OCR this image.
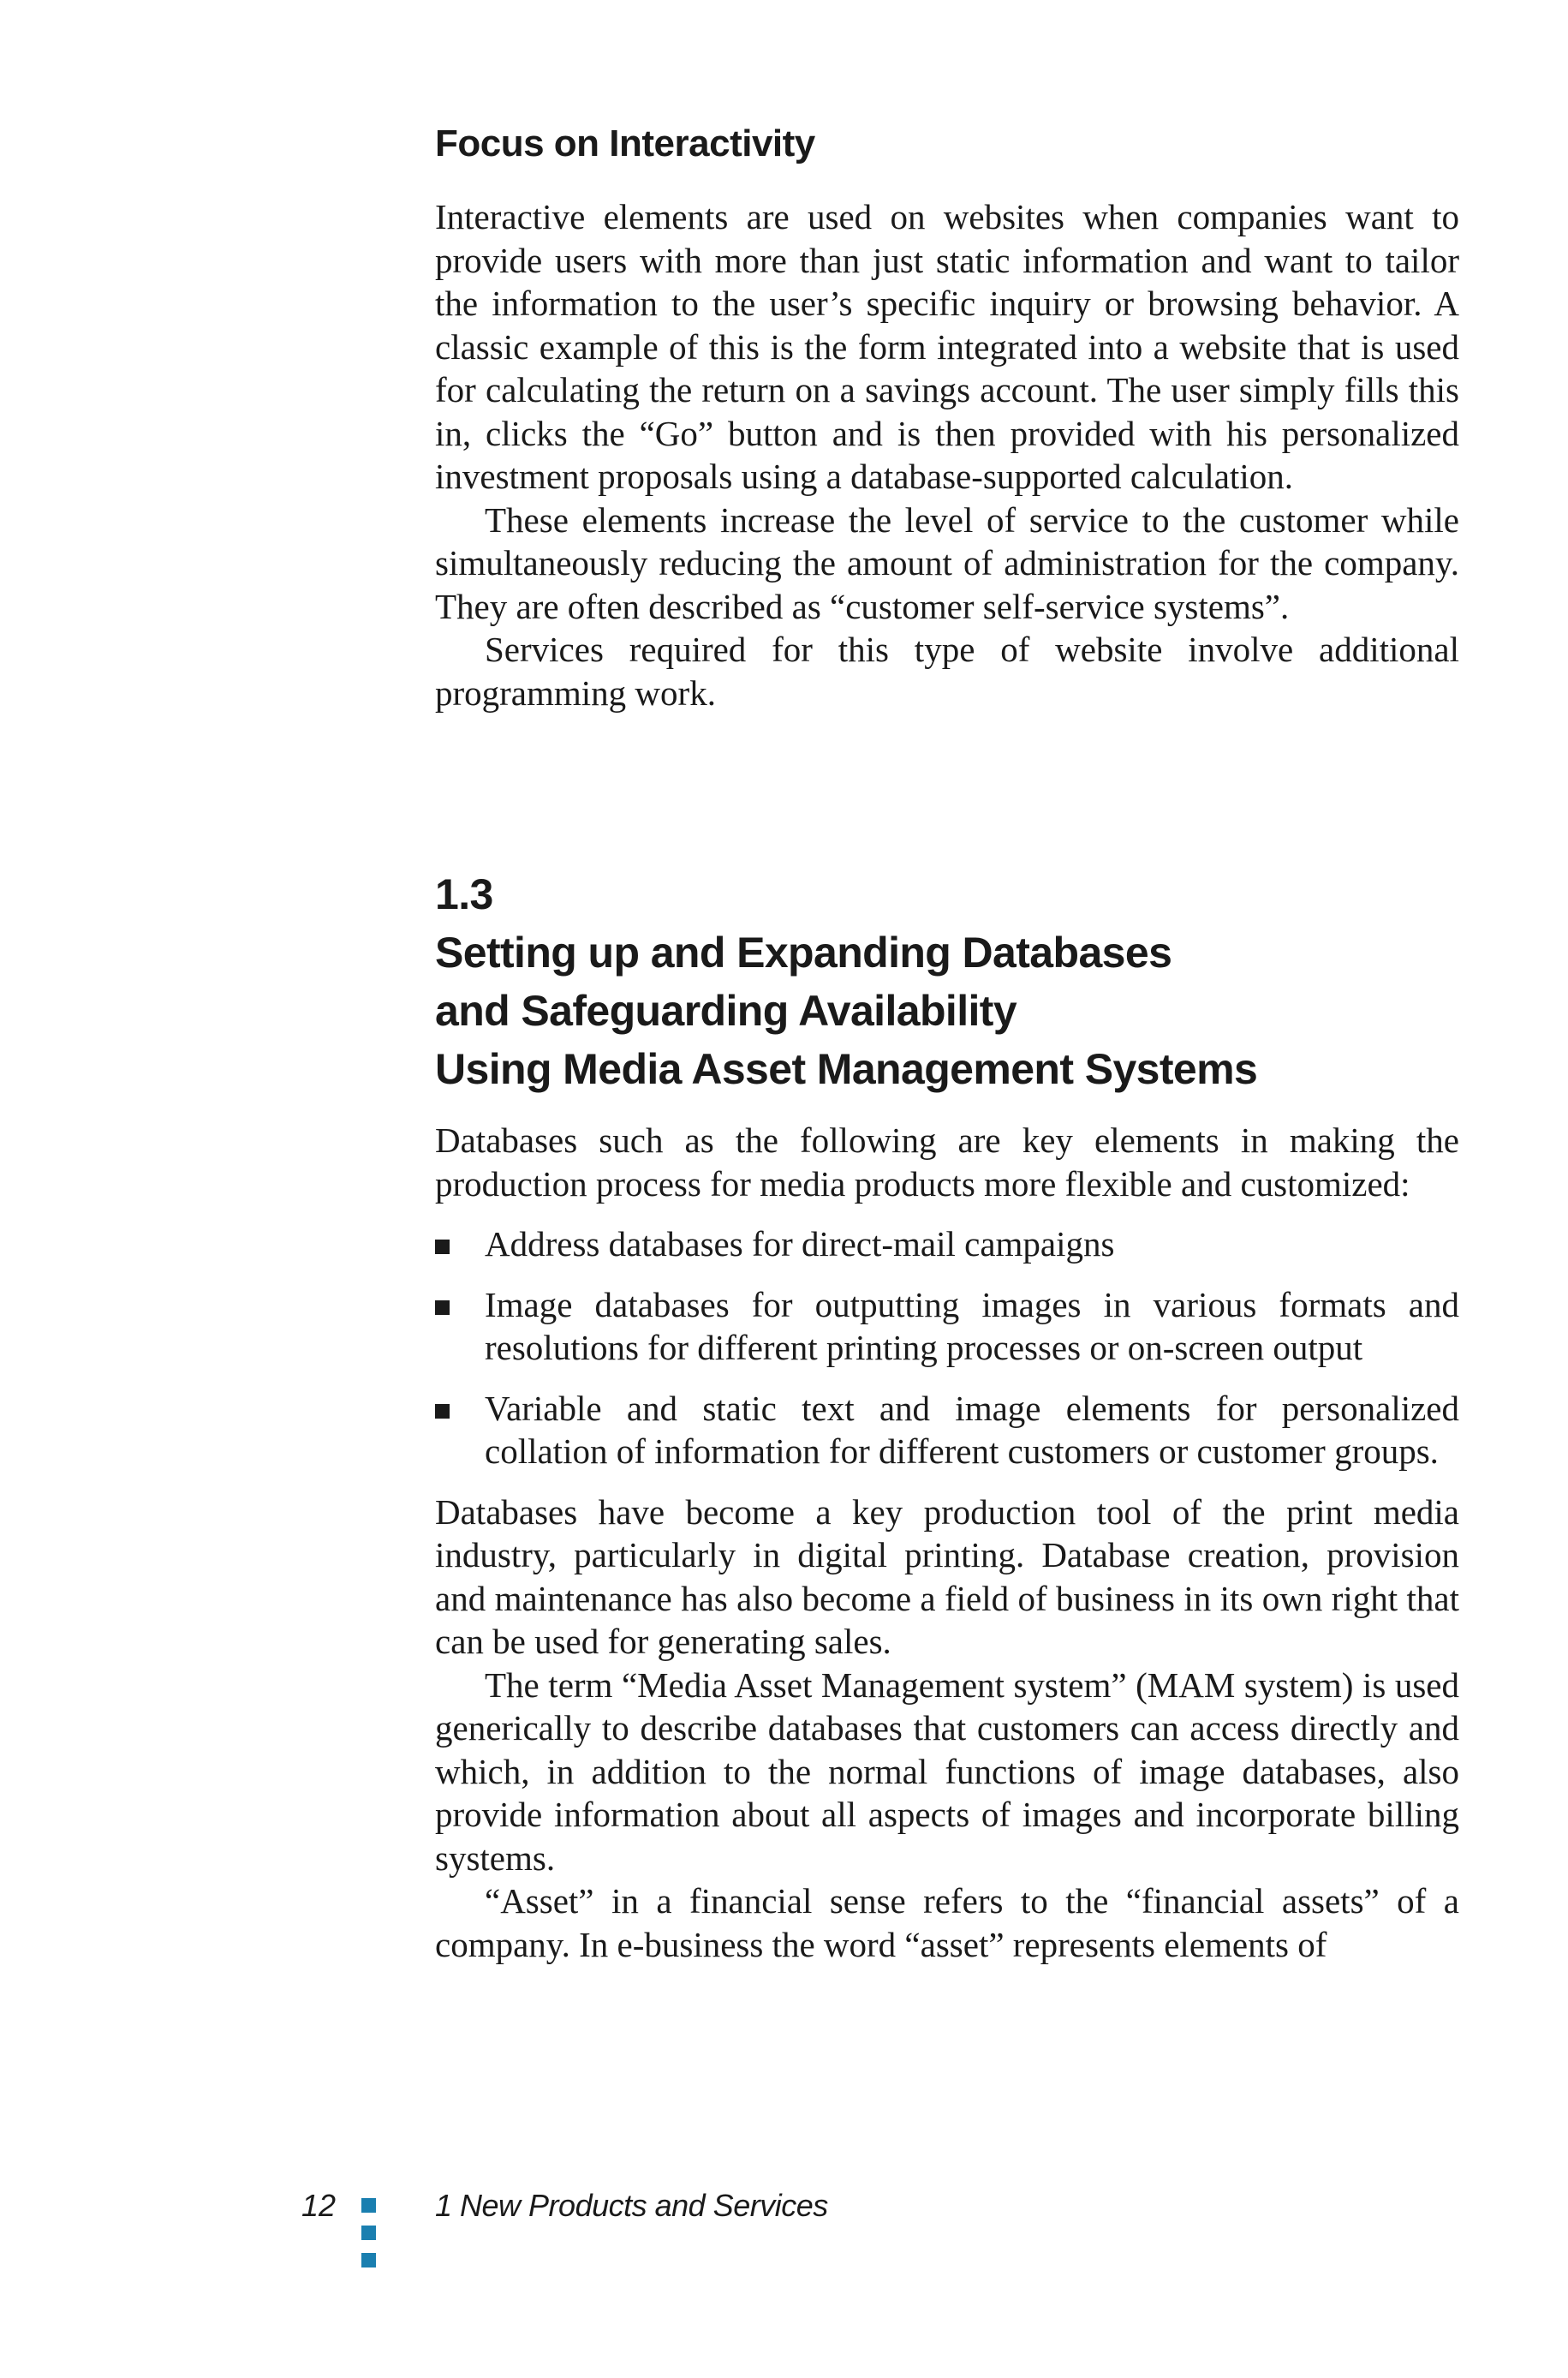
Focus on Interactivity

Interactive elements are used on websites when companies want to provide users with more than just static information and want to tailor the information to the user’s specific inquiry or browsing behavior. A classic example of this is the form integrated into a website that is used for calculating the return on a savings account. The user simply fills this in, clicks the “Go” button and is then provided with his personalized investment proposals using a database-supported calculation.

These elements increase the level of service to the customer while simultaneously reducing the amount of administration for the company. They are often described as “customer self-service systems”.

Services required for this type of website involve additional programming work.

1.3
Setting up and Expanding Databases
and Safeguarding Availability
Using Media Asset Management Systems

Databases such as the following are key elements in making the production process for media products more flexible and customized:

Address databases for direct-mail campaigns
Image databases for outputting images in various formats and resolutions for different printing processes or on-screen output
Variable and static text and image elements for personalized collation of information for different customers or customer groups.

Databases have become a key production tool of the print media industry, particularly in digital printing. Database creation, provision and maintenance has also become a field of business in its own right that can be used for generating sales.

The term “Media Asset Management system” (MAM system) is used generically to describe databases that customers can access directly and which, in addition to the normal functions of image databases, also provide information about all aspects of images and incorporate billing systems.

“Asset” in a financial sense refers to the “financial assets” of a company. In e-business the word “asset” represents elements of

12	1 New Products and Services
